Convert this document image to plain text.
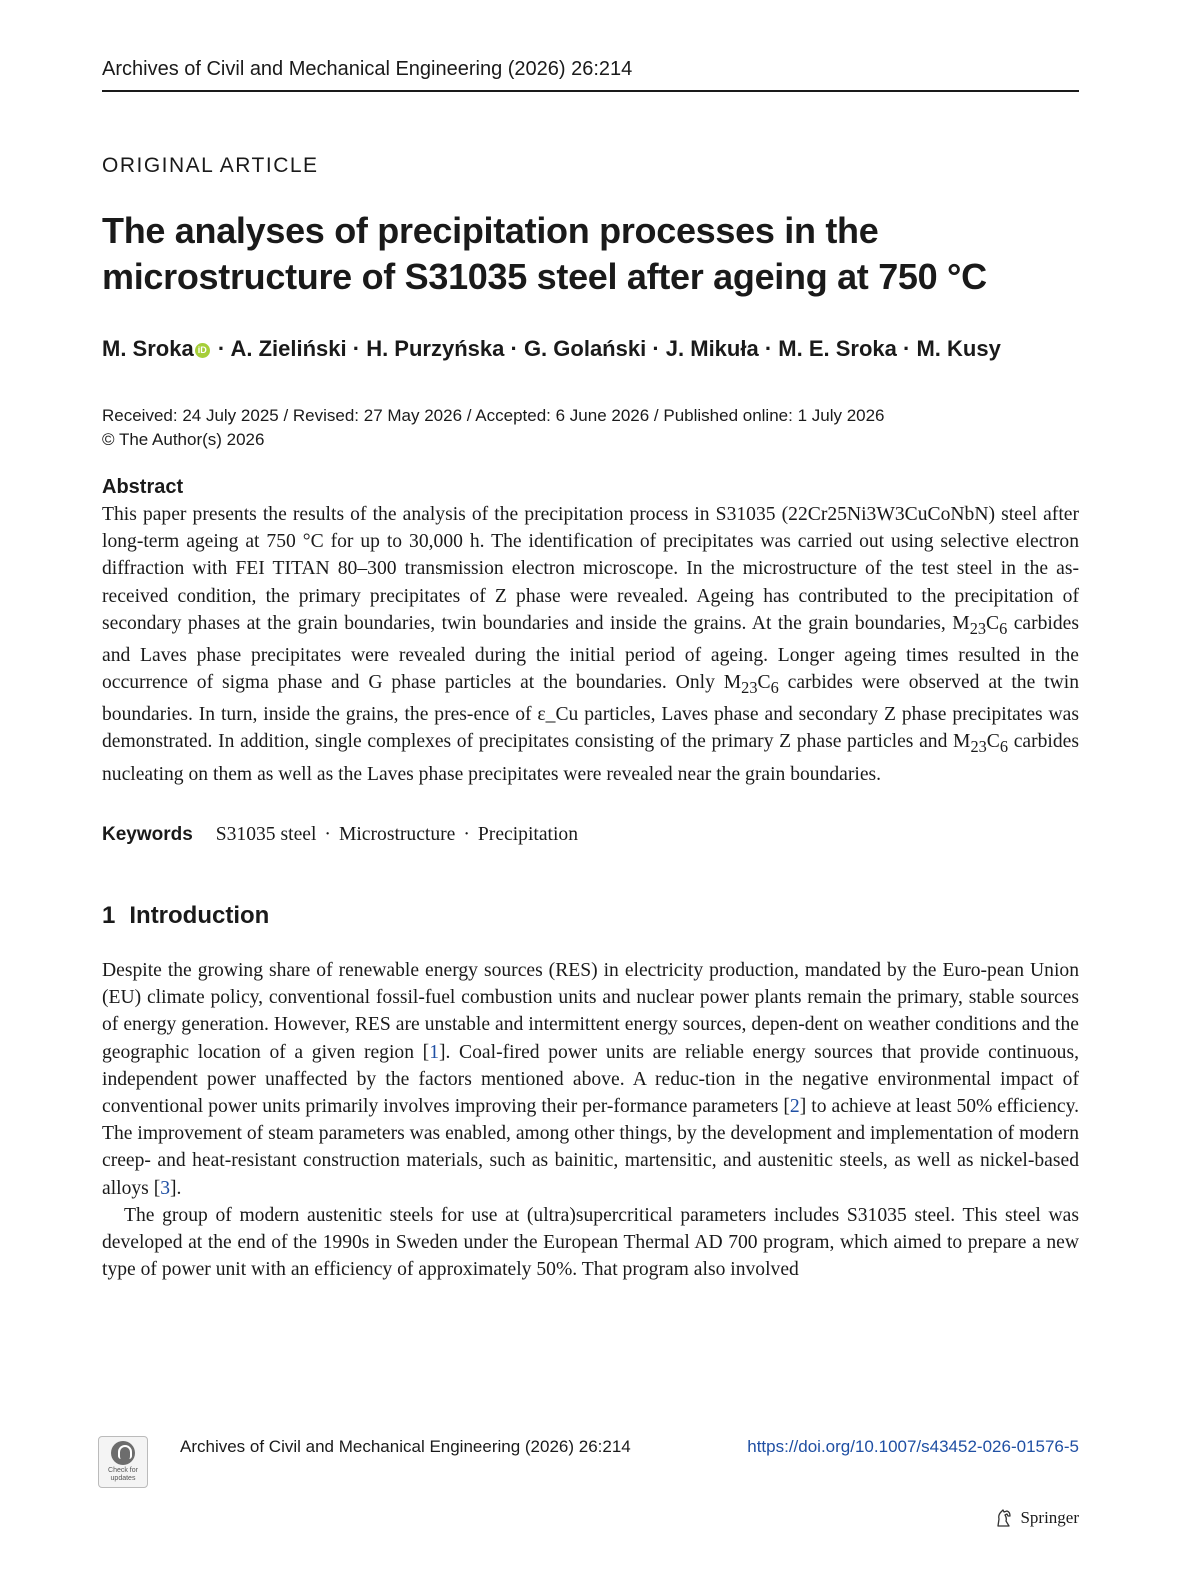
Archives of Civil and Mechanical Engineering (2026) 26:214
ORIGINAL ARTICLE
The analyses of precipitation processes in the
microstructure of S31035 steel after ageing at 750 °C
M. Sroka iD · A. Zieliński · H. Purzyńska · G. Golański · J. Mikuła · M. E. Sroka · M. Kusy
Received: 24 July 2025 / Revised: 27 May 2026 / Accepted: 6 June 2026 / Published online: 1 July 2026
© The Author(s) 2026
Abstract

This paper presents the results of the analysis of the precipitation process in S31035 (22Cr25Ni3W3CuCoNbN) steel after long-term ageing at 750 °C for up to 30,000 h. The identification of precipitates was carried out using selective electron diffraction with FEI TITAN 80–300 transmission electron microscope. In the microstructure of the test steel in the as-received condition, the primary precipitates of Z phase were revealed. Ageing has contributed to the precipitation of secondary phases at the grain boundaries, twin boundaries and inside the grains. At the grain boundaries, $M_{23}C_6$ carbides and Laves phase precipitates were revealed during the initial period of ageing. Longer ageing times resulted in the occurrence of sigma phase and G phase particles at the boundaries. Only $M_{23}C_6$ carbides were observed at the twin boundaries. In turn, inside the grains, the pres-ence of ε_Cu particles, Laves phase and secondary Z phase precipitates was demonstrated. In addition, single complexes of precipitates consisting of the primary Z phase particles and $M_{23}C_6$ carbides nucleating on them as well as the Laves phase precipitates were revealed near the grain boundaries.

Keywords S31035 steel · Microstructure · Precipitation
1 Introduction

Despite the growing share of renewable energy sources (RES) in electricity production, mandated by the Euro-pean Union (EU) climate policy, conventional fossil-fuel combustion units and nuclear power plants remain the primary, stable sources of energy generation. However, RES are unstable and intermittent energy sources, depen-dent on weather conditions and the geographic location of a given region [1]. Coal-fired power units are reliable energy sources that provide continuous, independent power unaffected by the factors mentioned above. A reduc-tion in the negative environmental impact of conventional power units primarily involves improving their per-formance parameters [2] to achieve at least 50% efficiency. The improvement of steam parameters was enabled, among other things, by the development and implementation of modern creep- and heat-resistant construction materials, such as bainitic, martensitic, and austenitic steels, as well as nickel-based alloys [3].

The group of modern austenitic steels for use at (ultra)supercritical parameters includes S31035 steel. This steel was developed at the end of the 1990s in Sweden under the European Thermal AD 700 program, which aimed to prepare a new type of power unit with an efficiency of approximately 50%. That program also involved

Check for
updates
Archives of Civil and Mechanical Engineering (2026) 26:214	https://doi.org/10.1007/s43452-026-01576-5
Springer
